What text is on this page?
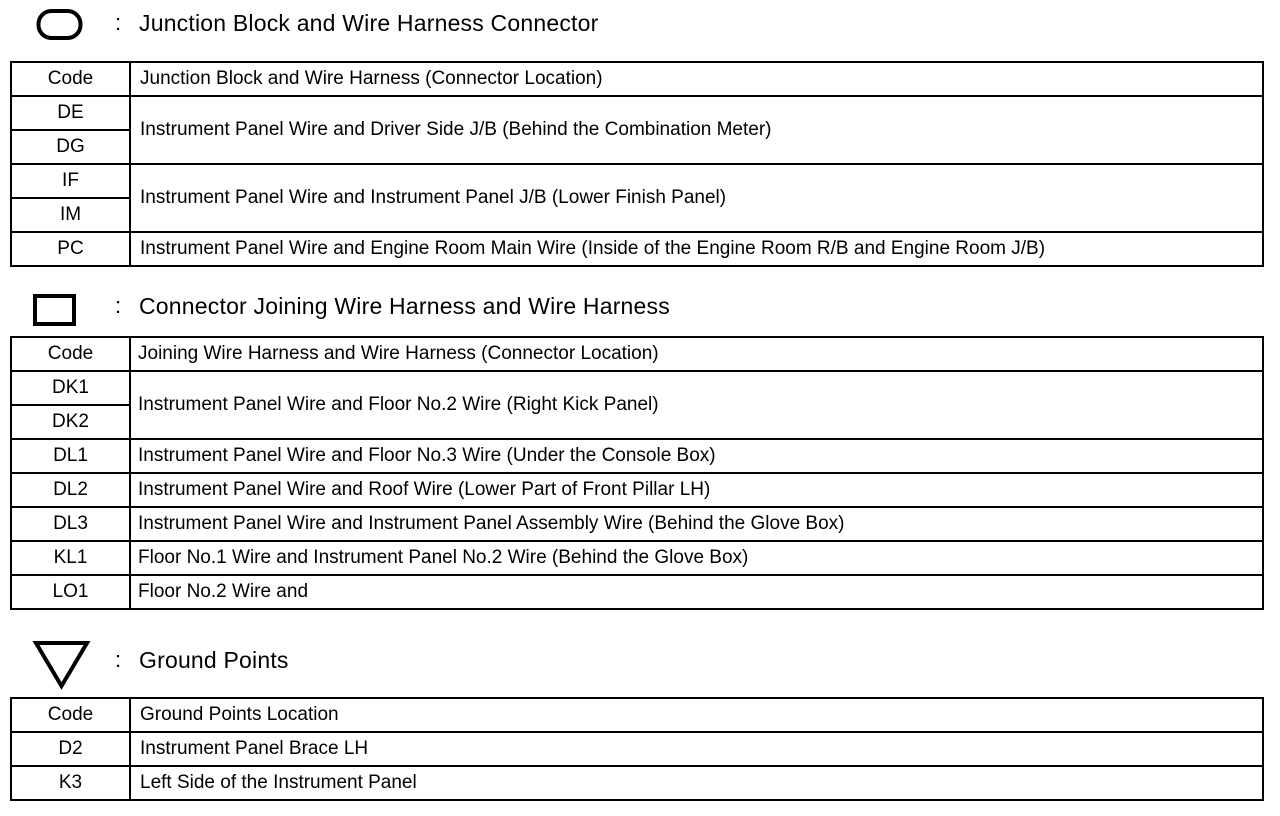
: Junction Block and Wire Harness Connector
Code	Junction Block and Wire Harness (Connector Location)
DE	Instrument Panel Wire and Driver Side J/B (Behind the Combination Meter)
DG	
IF	Instrument Panel Wire and Instrument Panel J/B (Lower Finish Panel)
IM	
PC	Instrument Panel Wire and Engine Room Main Wire (Inside of the Engine Room R/B and Engine Room J/B)
: Connector Joining Wire Harness and Wire Harness
Code	Joining Wire Harness and Wire Harness (Connector Location)
DK1	Instrument Panel Wire and Floor No.2 Wire (Right Kick Panel)
DK2	
DL1	Instrument Panel Wire and Floor No.3 Wire (Under the Console Box)
DL2	Instrument Panel Wire and Roof Wire (Lower Part of Front Pillar LH)
DL3	Instrument Panel Wire and Instrument Panel Assembly Wire (Behind the Glove Box)
KL1	Floor No.1 Wire and Instrument Panel No.2 Wire (Behind the Glove Box)
LO1	Floor No.2 Wire and
: Ground Points
Code	Ground Points Location
D2	Instrument Panel Brace LH
K3	Left Side of the Instrument Panel
